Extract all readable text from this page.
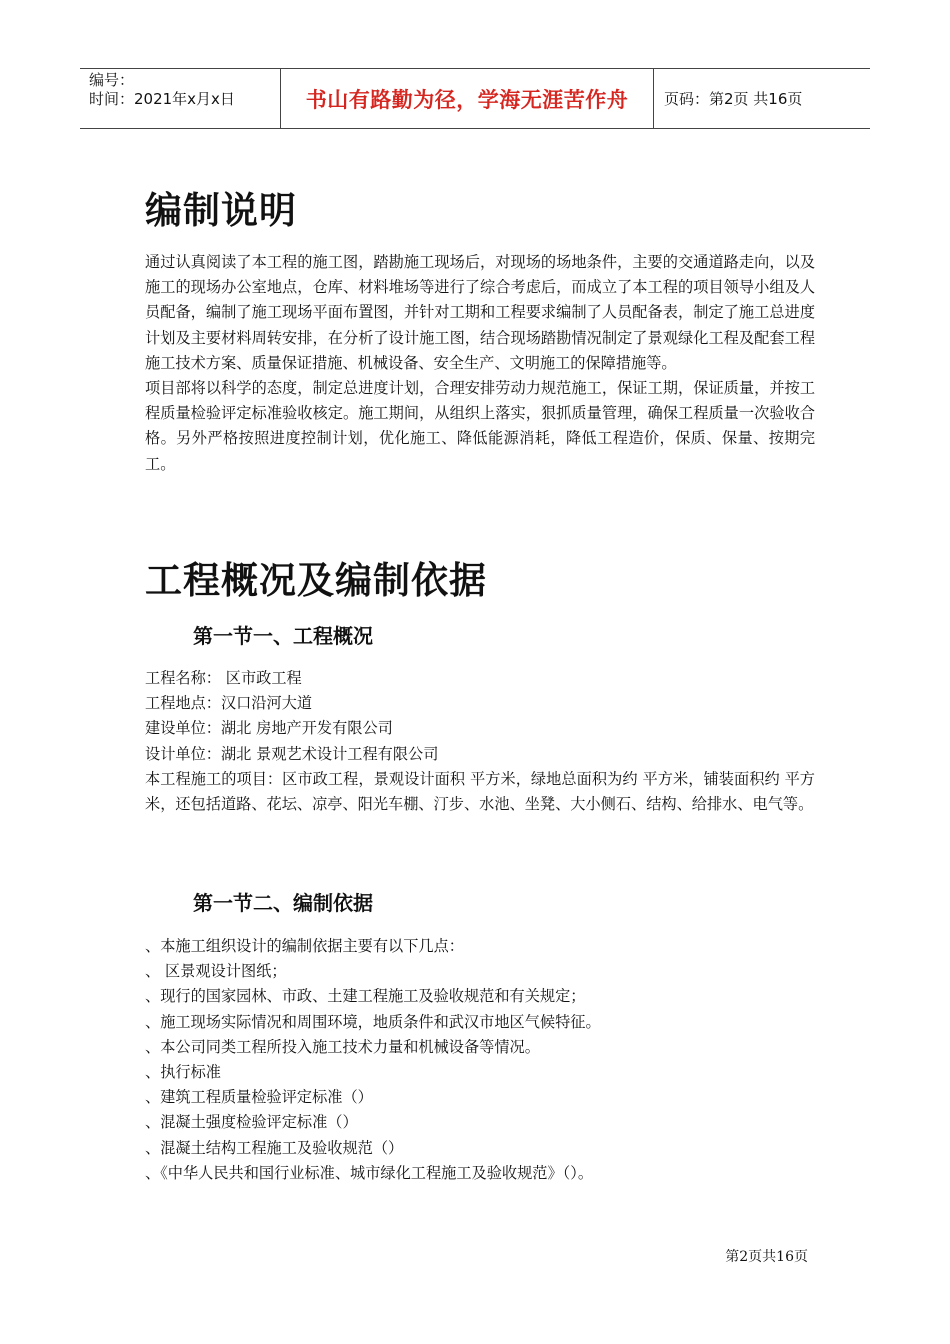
编号：
时间：2021年x月x日	书山有路勤为径，学海无涯苦作舟	页码：第2页 共16页
编制说明

通过认真阅读了本工程的施工图，踏勘施工现场后，对现场的场地条件，主要的交通道路走向，以及施工的现场办公室地点，仓库、材料堆场等进行了综合考虑后，而成立了本工程的项目领导小组及人员配备，编制了施工现场平面布置图，并针对工期和工程要求编制了人员配备表，制定了施工总进度计划及主要材料周转安排，在分析了设计施工图，结合现场踏勘情况制定了景观绿化工程及配套工程施工技术方案、质量保证措施、机械设备、安全生产、文明施工的保障措施等。

项目部将以科学的态度，制定总进度计划，合理安排劳动力规范施工，保证工期，保证质量，并按工程质量检验评定标准验收核定。施工期间，从组织上落实，狠抓质量管理，确保工程质量一次验收合格。另外严格按照进度控制计划，优化施工、降低能源消耗，降低工程造价，保质、保量、按期完工。

工程概况及编制依据
第一节一、工程概况
工程名称： 区市政工程
工程地点：汉口沿河大道
建设单位：湖北 房地产开发有限公司
设计单位：湖北 景观艺术设计工程有限公司

本工程施工的项目：区市政工程，景观设计面积 平方米，绿地总面积为约 平方米，铺装面积约 平方米，还包括道路、花坛、凉亭、阳光车棚、汀步、水池、坐凳、大小侧石、结构、给排水、电气等。

第一节二、编制依据
、本施工组织设计的编制依据主要有以下几点：
、 区景观设计图纸；
、现行的国家园林、市政、土建工程施工及验收规范和有关规定；
、施工现场实际情况和周围环境，地质条件和武汉市地区气候特征。
、本公司同类工程所投入施工技术力量和机械设备等情况。
、执行标准
、建筑工程质量检验评定标准（）
、混凝土强度检验评定标准（）
、混凝土结构工程施工及验收规范（）
、《中华人民共和国行业标准、城市绿化工程施工及验收规范》（）。
第2页共16页
